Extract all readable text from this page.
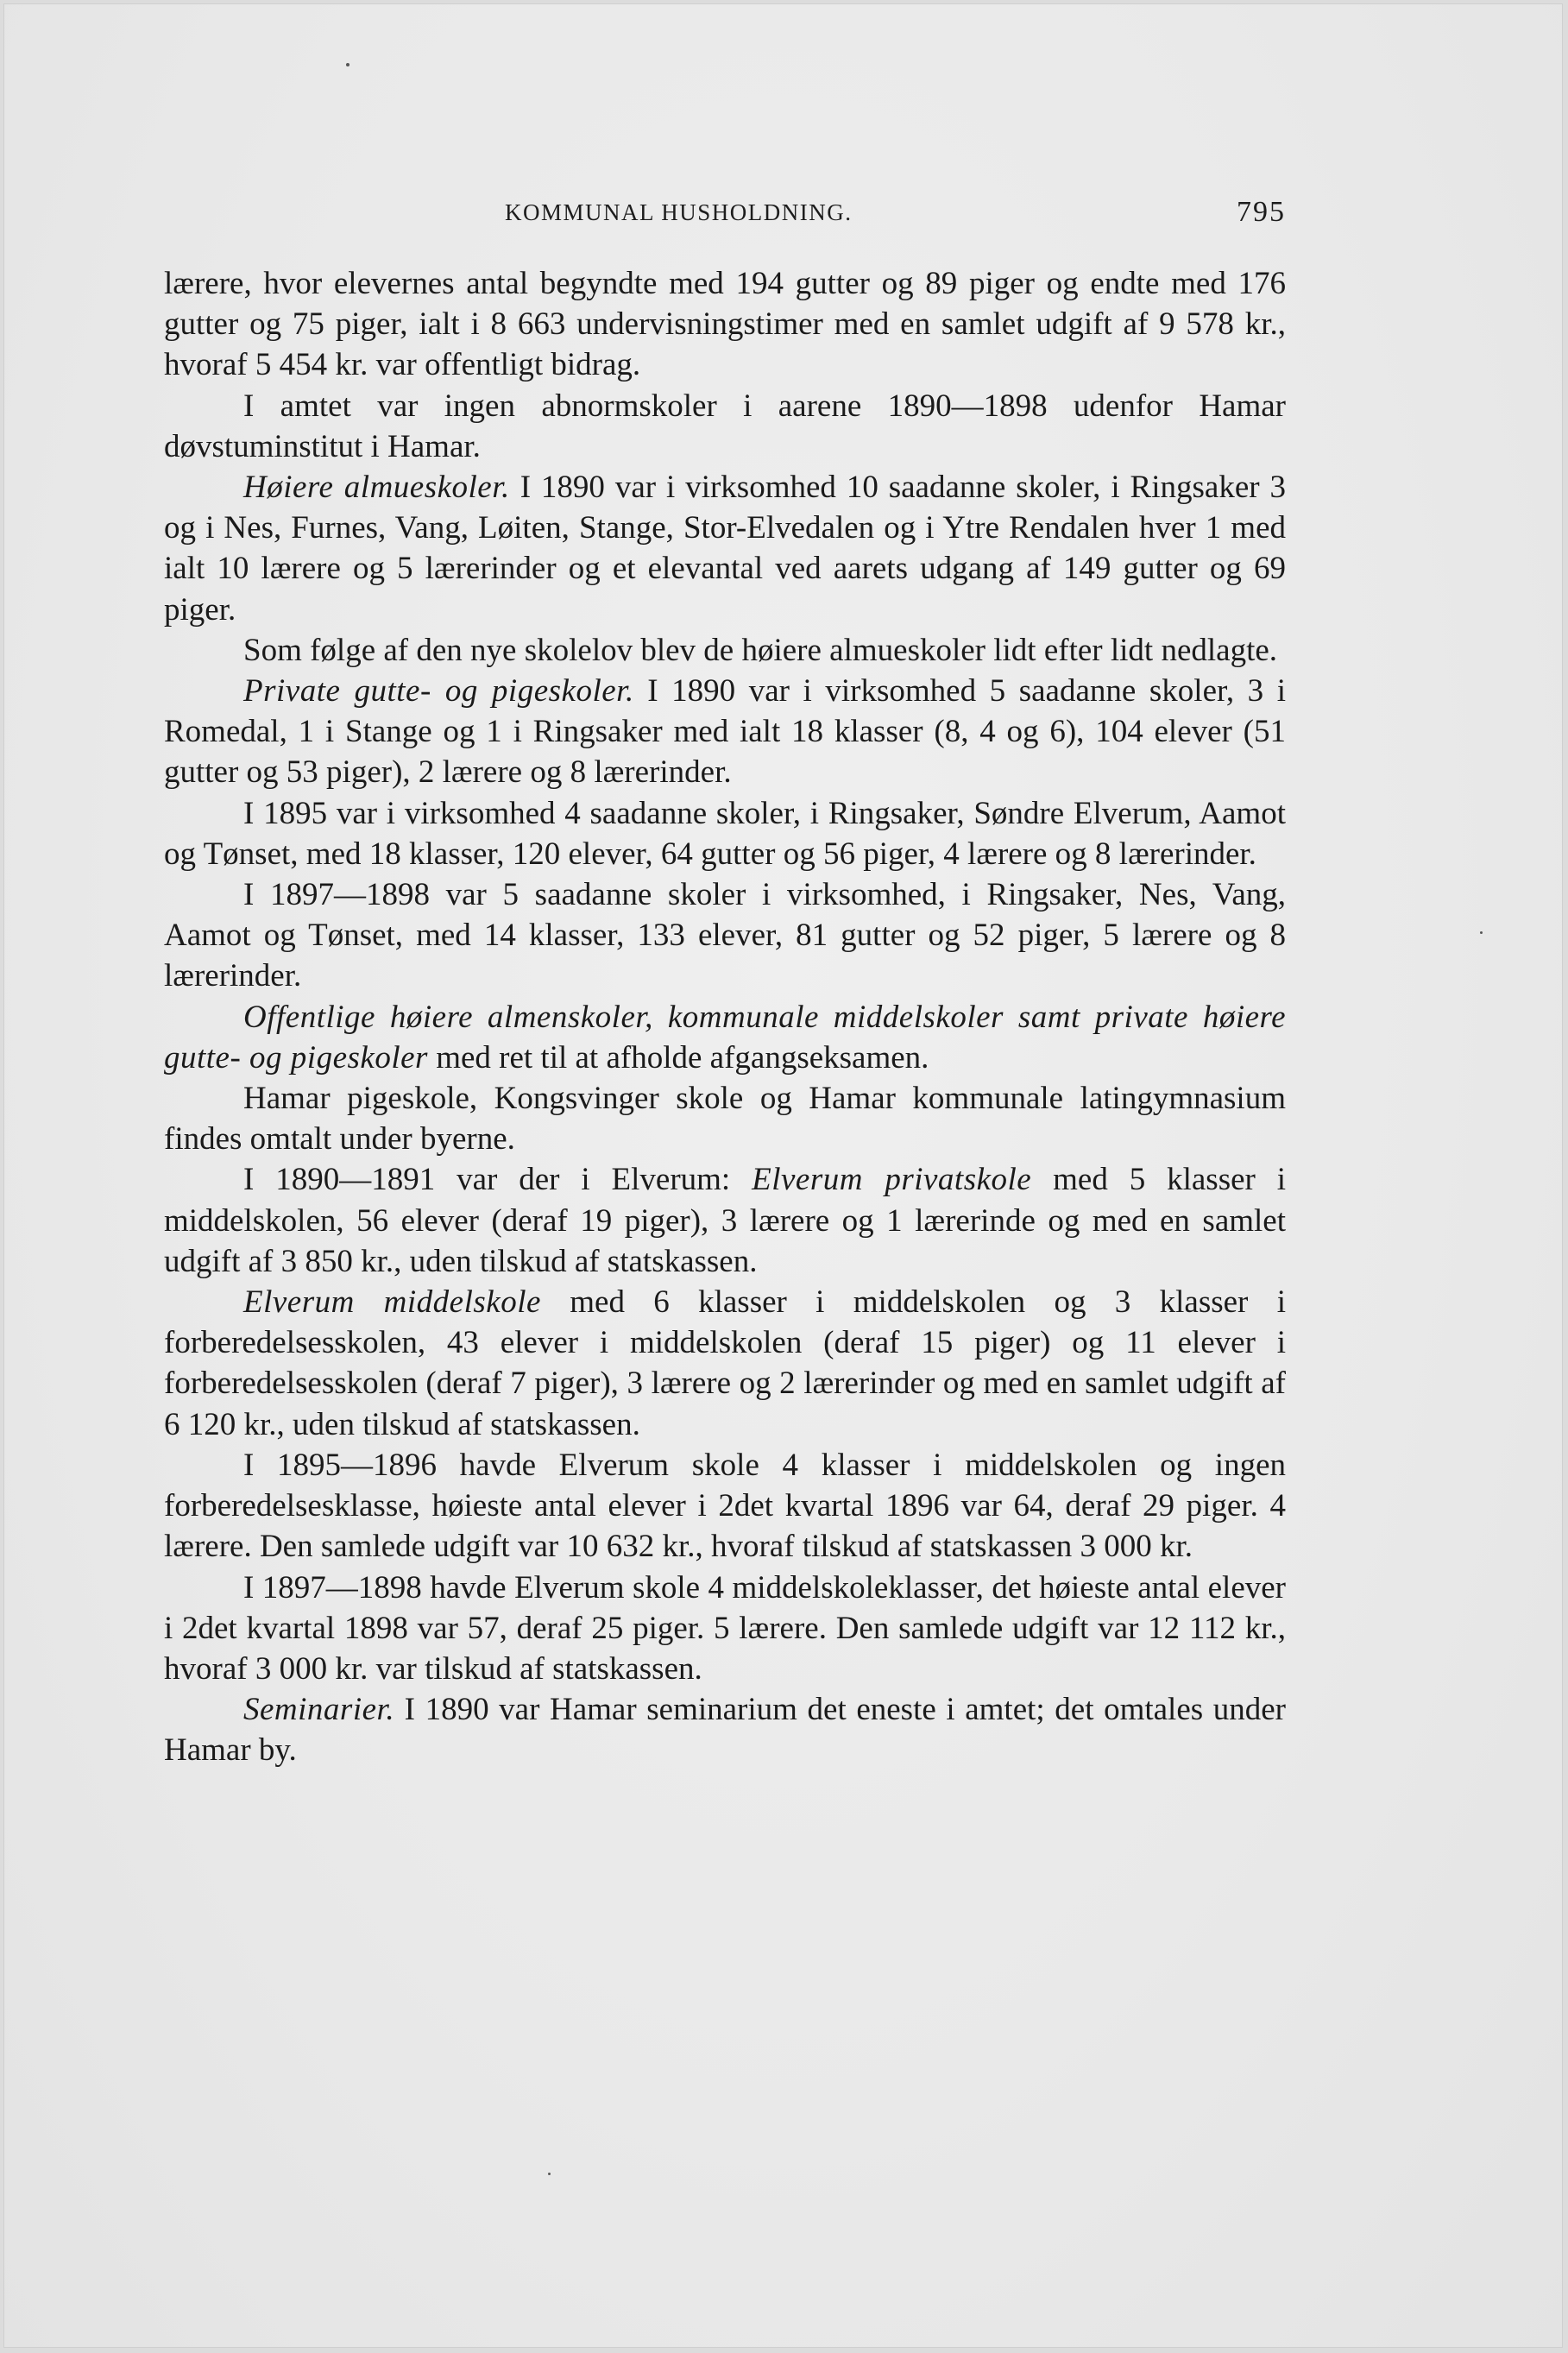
KOMMUNAL HUSHOLDNING.	795

lærere, hvor elevernes antal begyndte med 194 gutter og 89 piger og endte med 176 gutter og 75 piger, ialt i 8 663 undervisningstimer med en samlet udgift af 9 578 kr., hvoraf 5 454 kr. var offentligt bidrag.

I amtet var ingen abnormskoler i aarene 1890—1898 udenfor Hamar døvstuminstitut i Hamar.

Høiere almueskoler. I 1890 var i virksomhed 10 saadanne skoler, i Ringsaker 3 og i Nes, Furnes, Vang, Løiten, Stange, Stor-Elvedalen og i Ytre Rendalen hver 1 med ialt 10 lærere og 5 lærerinder og et elevantal ved aarets udgang af 149 gutter og 69 piger.

Som følge af den nye skolelov blev de høiere almueskoler lidt efter lidt nedlagte.

Private gutte- og pigeskoler. I 1890 var i virksomhed 5 saadanne skoler, 3 i Romedal, 1 i Stange og 1 i Ringsaker med ialt 18 klasser (8, 4 og 6), 104 elever (51 gutter og 53 piger), 2 lærere og 8 lærerinder.

I 1895 var i virksomhed 4 saadanne skoler, i Ringsaker, Søndre Elverum, Aamot og Tønset, med 18 klasser, 120 elever, 64 gutter og 56 piger, 4 lærere og 8 lærerinder.

I 1897—1898 var 5 saadanne skoler i virksomhed, i Ringsaker, Nes, Vang, Aamot og Tønset, med 14 klasser, 133 elever, 81 gutter og 52 piger, 5 lærere og 8 lærerinder.

Offentlige høiere almenskoler, kommunale middelskoler samt private høiere gutte- og pigeskoler med ret til at afholde afgangseksamen.

Hamar pigeskole, Kongsvinger skole og Hamar kommunale latingymnasium findes omtalt under byerne.

I 1890—1891 var der i Elverum: Elverum privatskole med 5 klasser i middelskolen, 56 elever (deraf 19 piger), 3 lærere og 1 lærerinde og med en samlet udgift af 3 850 kr., uden tilskud af statskassen.

Elverum middelskole med 6 klasser i middelskolen og 3 klasser i forberedelsesskolen, 43 elever i middelskolen (deraf 15 piger) og 11 elever i forberedelsesskolen (deraf 7 piger), 3 lærere og 2 lærerinder og med en samlet udgift af 6 120 kr., uden tilskud af statskassen.

I 1895—1896 havde Elverum skole 4 klasser i middelskolen og ingen forberedelsesklasse, høieste antal elever i 2det kvartal 1896 var 64, deraf 29 piger. 4 lærere. Den samlede udgift var 10 632 kr., hvoraf tilskud af statskassen 3 000 kr.

I 1897—1898 havde Elverum skole 4 middelskoleklasser, det høieste antal elever i 2det kvartal 1898 var 57, deraf 25 piger. 5 lærere. Den samlede udgift var 12 112 kr., hvoraf 3 000 kr. var tilskud af statskassen.

Seminarier. I 1890 var Hamar seminarium det eneste i amtet; det omtales under Hamar by.
